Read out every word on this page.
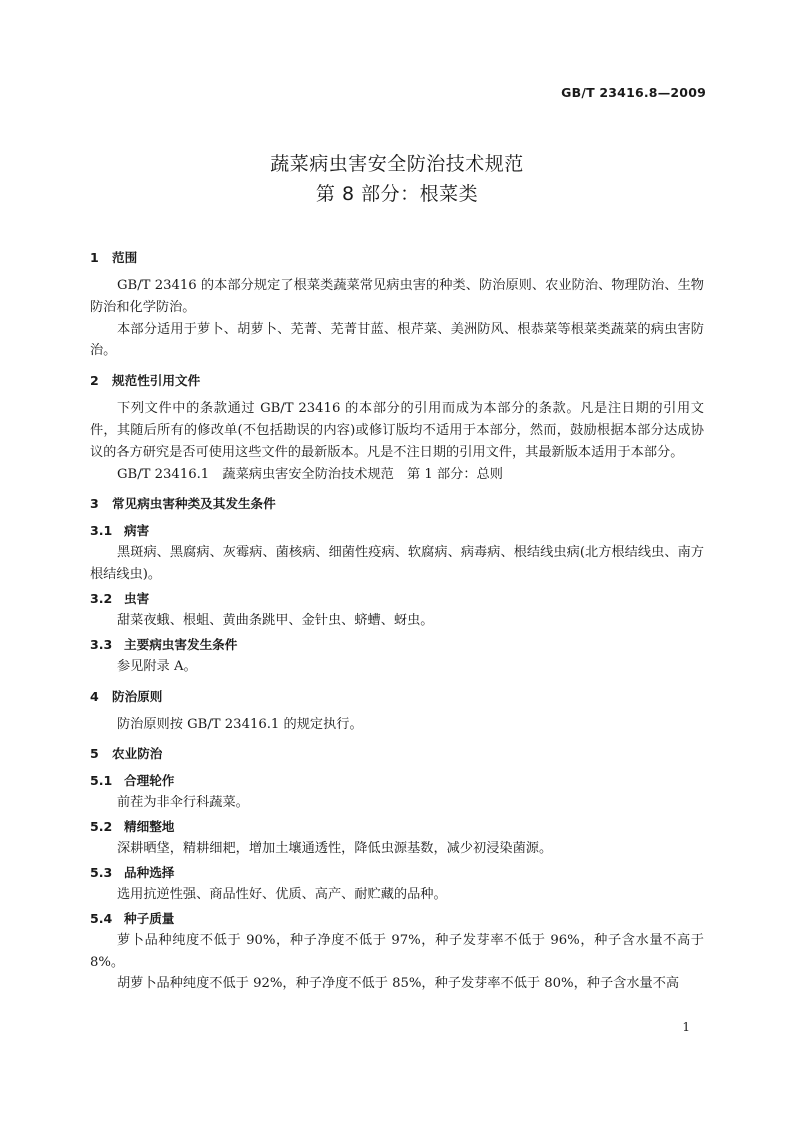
GB/T 23416.8—2009
蔬菜病虫害安全防治技术规范
第 8 部分：根菜类
1 范围

GB/T 23416 的本部分规定了根菜类蔬菜常见病虫害的种类、防治原则、农业防治、物理防治、生物防治和化学防治。

本部分适用于萝卜、胡萝卜、芜菁、芜菁甘蓝、根芹菜、美洲防风、根恭菜等根菜类蔬菜的病虫害防治。

2 规范性引用文件

下列文件中的条款通过 GB/T 23416 的本部分的引用而成为本部分的条款。凡是注日期的引用文件，其随后所有的修改单(不包括勘误的内容)或修订版均不适用于本部分，然而，鼓励根据本部分达成协议的各方研究是否可使用这些文件的最新版本。凡是不注日期的引用文件，其最新版本适用于本部分。

GB/T 23416.1　蔬菜病虫害安全防治技术规范　第 1 部分：总则

3 常见病虫害种类及其发生条件
3.1 病害

黑斑病、黑腐病、灰霉病、菌核病、细菌性疫病、软腐病、病毒病、根结线虫病(北方根结线虫、南方根结线虫)。

3.2 虫害

甜菜夜蛾、根蛆、黄曲条跳甲、金针虫、蛴螬、蚜虫。

3.3 主要病虫害发生条件

参见附录 A。

4 防治原则

防治原则按 GB/T 23416.1 的规定执行。

5 农业防治
5.1 合理轮作

前茬为非伞行科蔬菜。

5.2 精细整地

深耕晒垡，精耕细耙，增加土壤通透性，降低虫源基数，减少初浸染菌源。

5.3 品种选择

选用抗逆性强、商品性好、优质、高产、耐贮藏的品种。

5.4 种子质量

萝卜品种纯度不低于 90%，种子净度不低于 97%，种子发芽率不低于 96%，种子含水量不高于 8%。

胡萝卜品种纯度不低于 92%，种子净度不低于 85%，种子发芽率不低于 80%，种子含水量不高

1
